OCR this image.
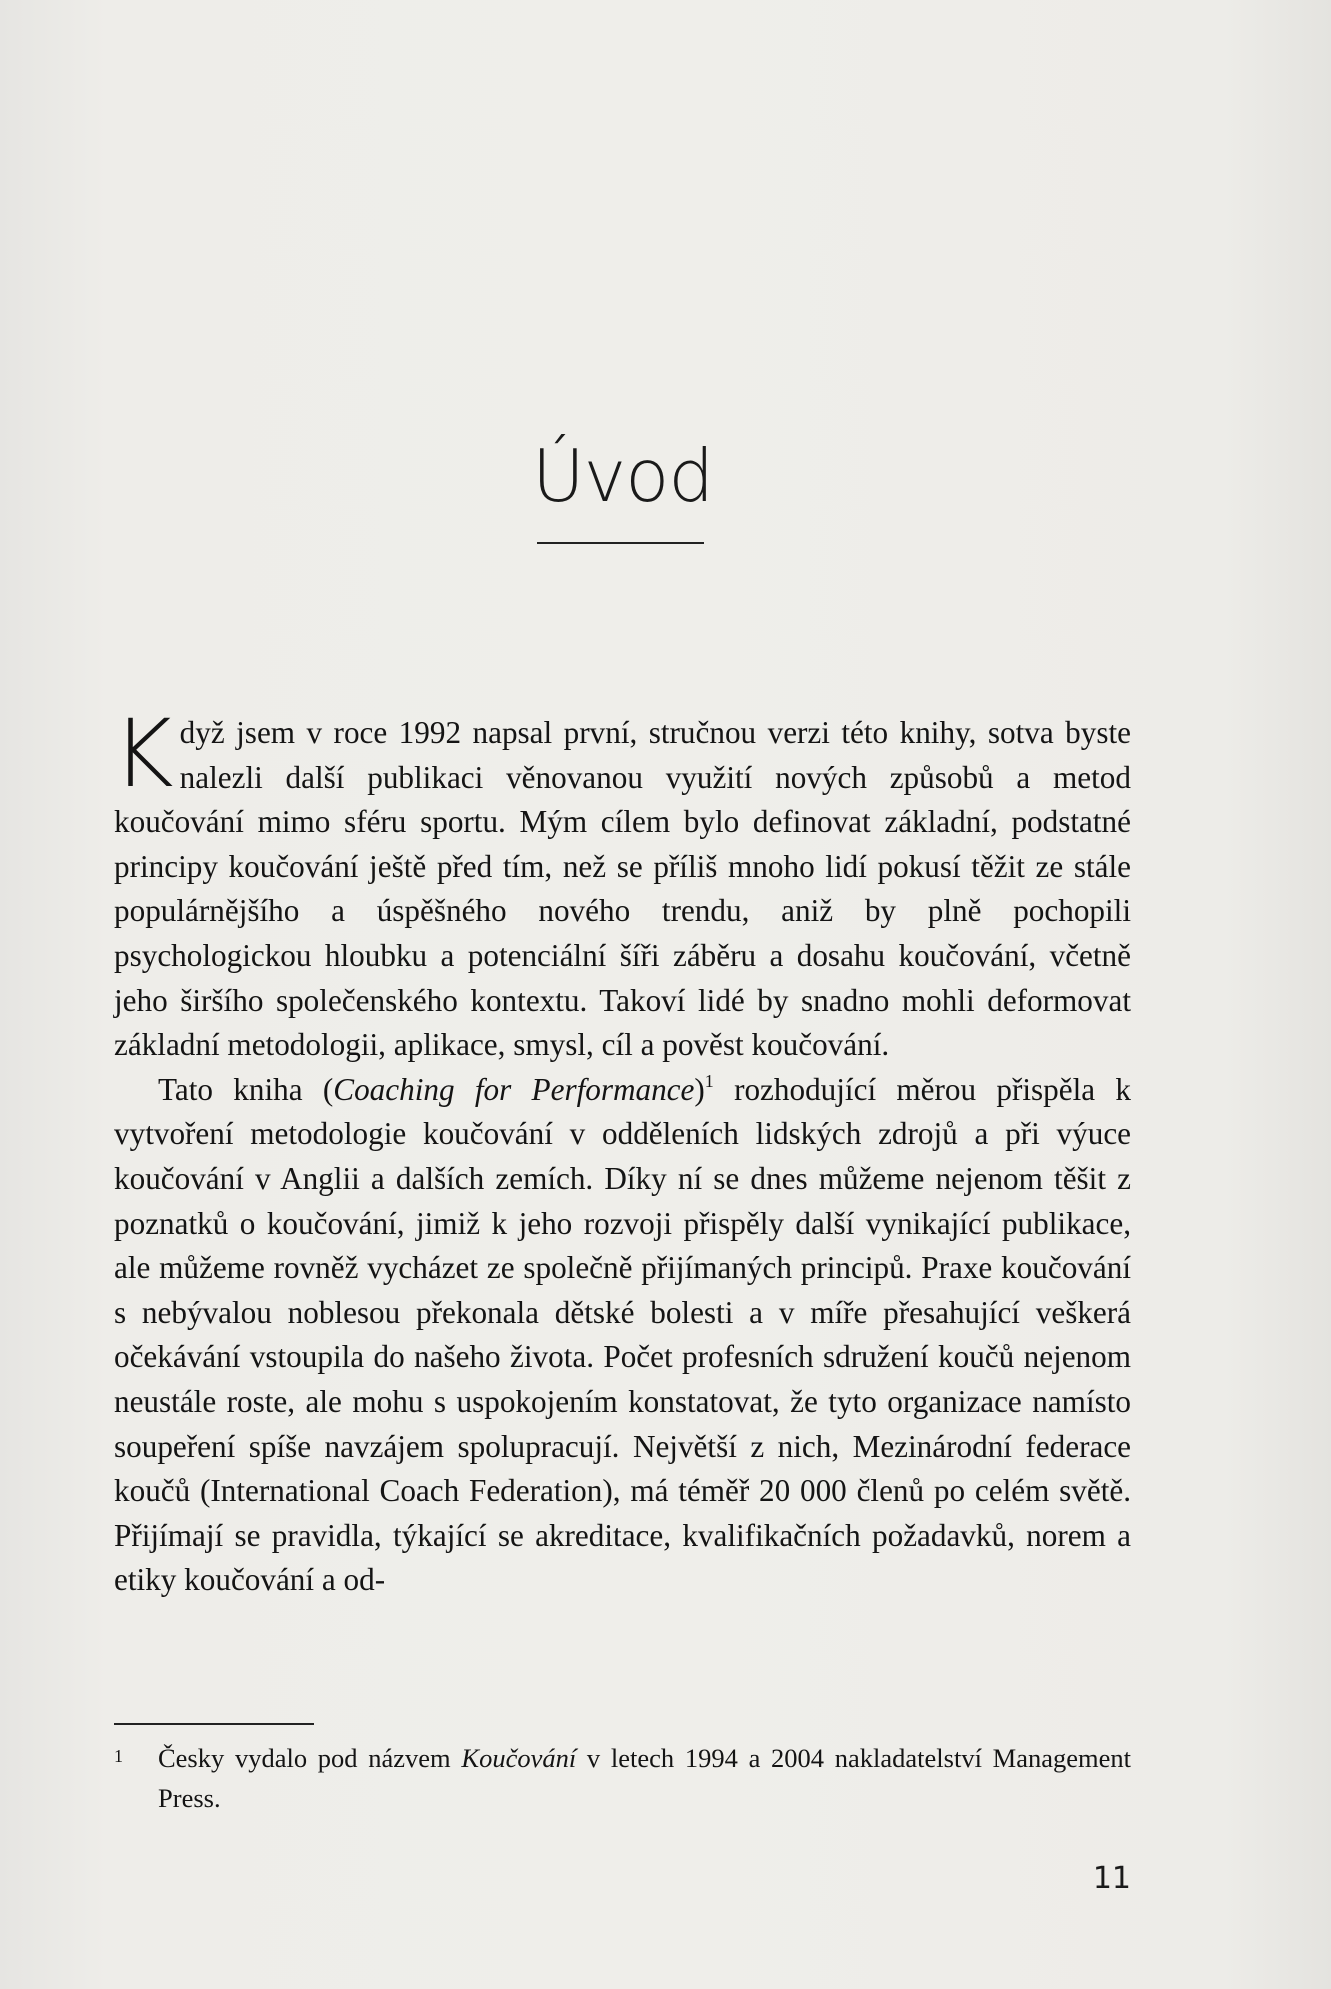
Úvod

Když jsem v roce 1992 napsal první, stručnou verzi této knihy, sotva byste nalezli další publikaci věnovanou využití nových způsobů a metod koučování mimo sféru sportu. Mým cílem bylo definovat základní, podstatné principy koučování ještě před tím, než se příliš mnoho lidí pokusí těžit ze stále populárnějšího a úspěšného nového trendu, aniž by plně pochopili psychologickou hloubku a potenciální šíři záběru a dosahu koučování, včetně jeho širšího společenského kontextu. Takoví lidé by snadno mohli deformovat základní metodologii, aplikace, smysl, cíl a pověst koučování.

Tato kniha (Coaching for Performance)$^1$ rozhodující měrou přispěla k vytvoření metodologie koučování v odděleních lidských zdrojů a při výuce koučování v Anglii a dalších zemích. Díky ní se dnes můžeme nejenom těšit z poznatků o koučování, jimiž k jeho rozvoji přispěly další vynikající publikace, ale můžeme rovněž vycházet ze společně přijímaných principů. Praxe koučování s nebývalou noblesou překonala dětské bolesti a v míře přesahující veškerá očekávání vstoupila do našeho života. Počet profesních sdružení koučů nejenom neustále roste, ale mohu s uspokojením konstatovat, že tyto organizace namísto soupeření spíše navzájem spolupracují. Největší z nich, Mezinárodní federace koučů (International Coach Federation), má téměř 20 000 členů po celém světě. Přijímají se pravidla, týkající se akreditace, kvalifikačních požadavků, norem a etiky koučování a od-

1 Česky vydalo pod názvem Koučování v letech 1994 a 2004 nakladatelství Management Press.
11
